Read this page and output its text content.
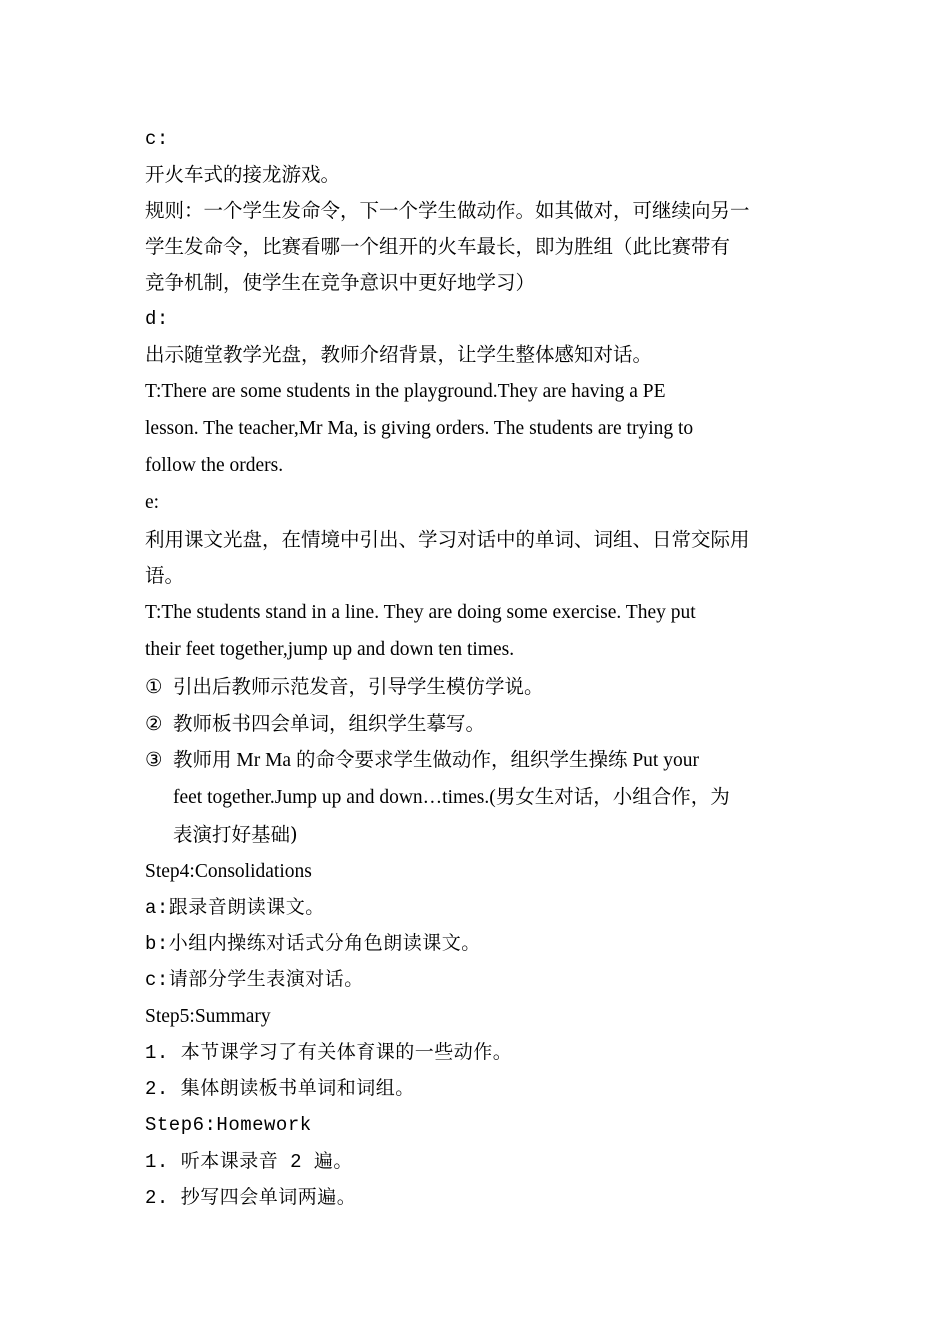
c:

开火车式的接龙游戏。

规则：一个学生发命令，下一个学生做动作。如其做对，可继续向另一

学生发命令，比赛看哪一个组开的火车最长，即为胜组（此比赛带有

竞争机制，使学生在竞争意识中更好地学习）

d:

出示随堂教学光盘，教师介绍背景，让学生整体感知对话。

T:There are some students in the playground.They are having a PE

lesson. The teacher,Mr Ma, is giving orders. The students are trying to

follow the orders.

e:

利用课文光盘，在情境中引出、学习对话中的单词、词组、日常交际用

语。

T:The students stand in a line. They are doing some exercise. They put

their feet together,jump up and down ten times.

① 引出后教师示范发音，引导学生模仿学说。
② 教师板书四会单词，组织学生摹写。
③ 教师用 Mr Ma 的命令要求学生做动作，组织学生操练 Put your

feet together.Jump up and down…times.(男女生对话，小组合作，为

表演打好基础)

Step4:Consolidations

a:跟录音朗读课文。

b:小组内操练对话式分角色朗读课文。

c:请部分学生表演对话。

Step5:Summary

1. 本节课学习了有关体育课的一些动作。

2. 集体朗读板书单词和词组。

Step6:Homework

1. 听本课录音 2 遍。

2. 抄写四会单词两遍。
